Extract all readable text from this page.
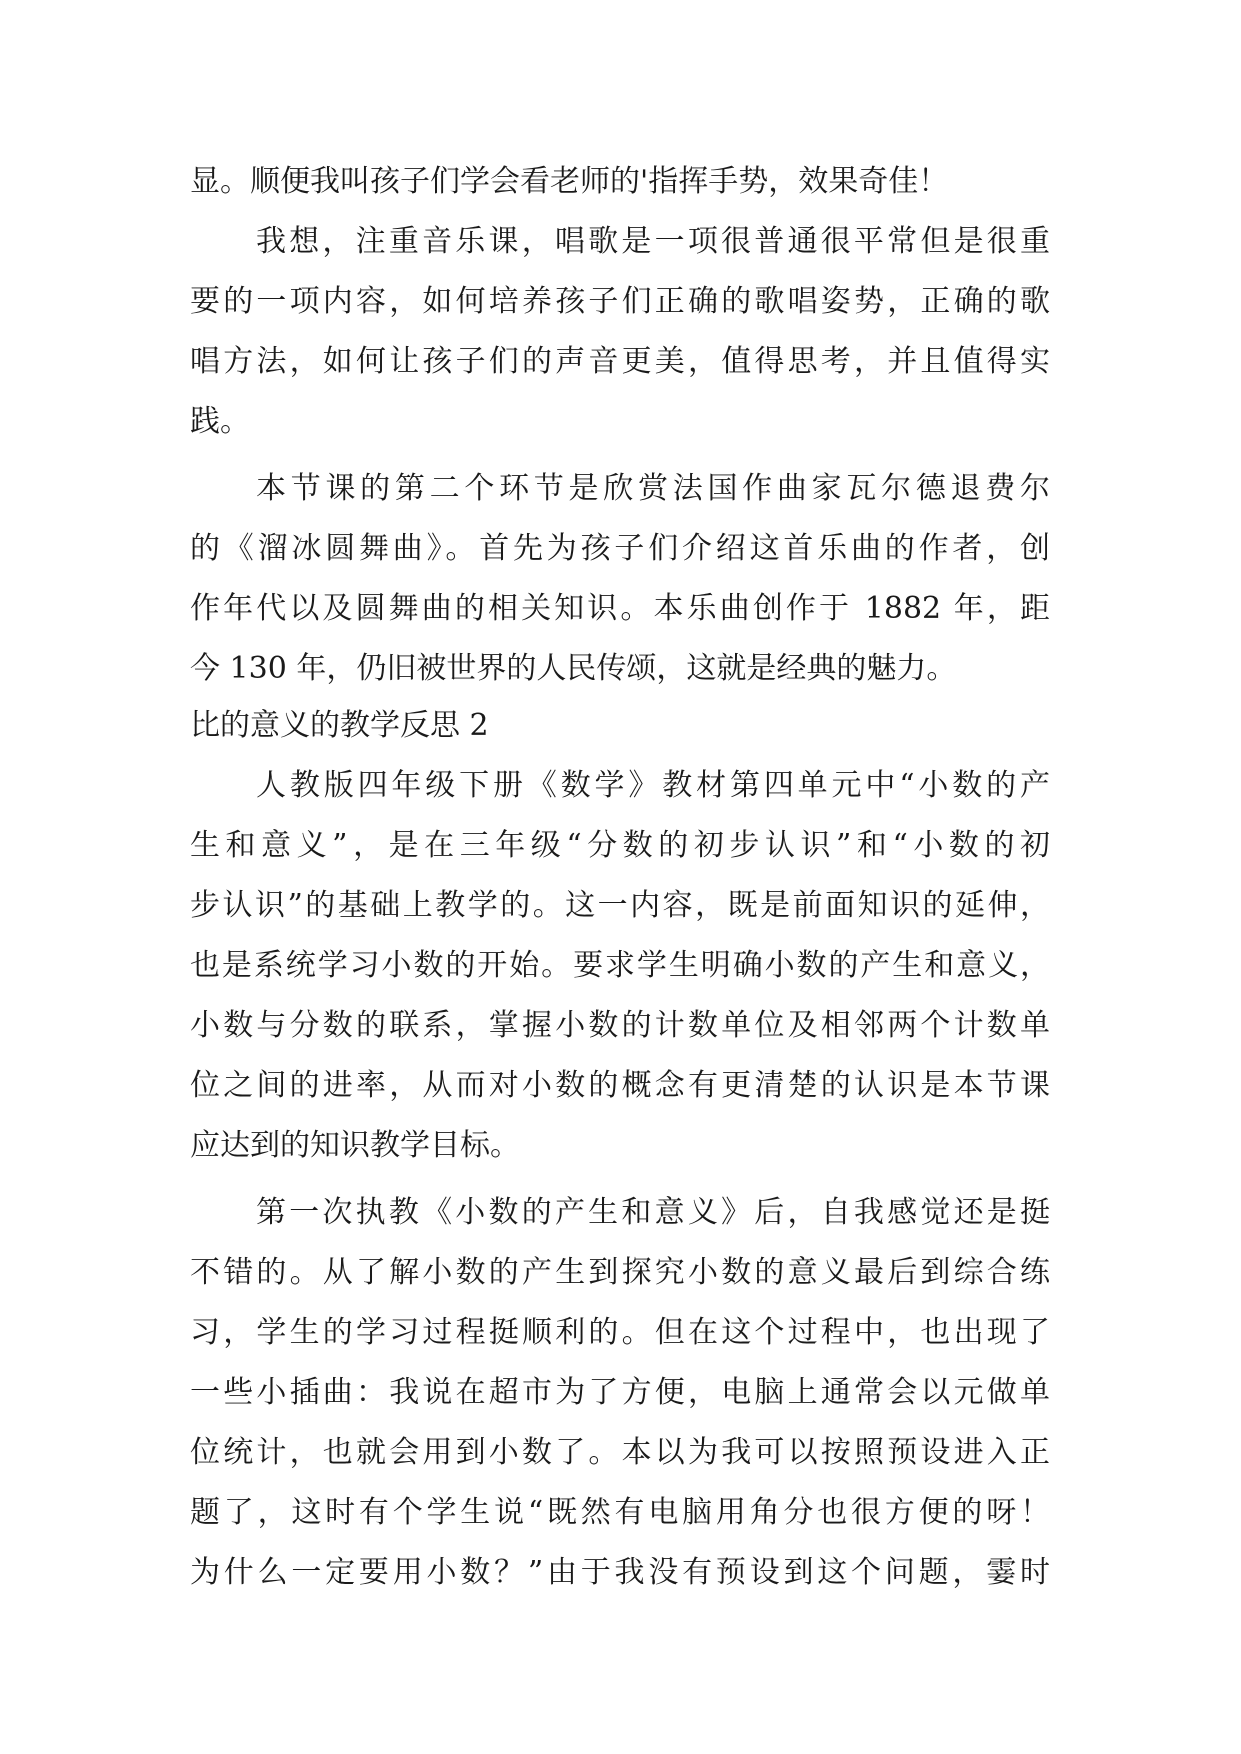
显。顺便我叫孩子们学会看老师的'指挥手势，效果奇佳！
我想，注重音乐课，唱歌是一项很普通很平常但是很重
要的一项内容，如何培养孩子们正确的歌唱姿势，正确的歌
唱方法，如何让孩子们的声音更美，值得思考，并且值得实
践。
本节课的第二个环节是欣赏法国作曲家瓦尔德退费尔
的《溜冰圆舞曲》。首先为孩子们介绍这首乐曲的作者，创
作年代以及圆舞曲的相关知识。本乐曲创作于 1882 年，距
今 130 年，仍旧被世界的人民传颂，这就是经典的魅力。
比的意义的教学反思 2
人教版四年级下册《数学》教材第四单元中“小数的产
生和意义”，是在三年级“分数的初步认识”和“小数的初
步认识”的基础上教学的。这一内容，既是前面知识的延伸，
也是系统学习小数的开始。要求学生明确小数的产生和意义，
小数与分数的联系，掌握小数的计数单位及相邻两个计数单
位之间的进率，从而对小数的概念有更清楚的认识是本节课
应达到的知识教学目标。
第一次执教《小数的产生和意义》后，自我感觉还是挺
不错的。从了解小数的产生到探究小数的意义最后到综合练
习，学生的学习过程挺顺利的。但在这个过程中，也出现了
一些小插曲：我说在超市为了方便，电脑上通常会以元做单
位统计，也就会用到小数了。本以为我可以按照预设进入正
题了，这时有个学生说“既然有电脑用角分也很方便的呀！
为什么一定要用小数？”由于我没有预设到这个问题，霎时
